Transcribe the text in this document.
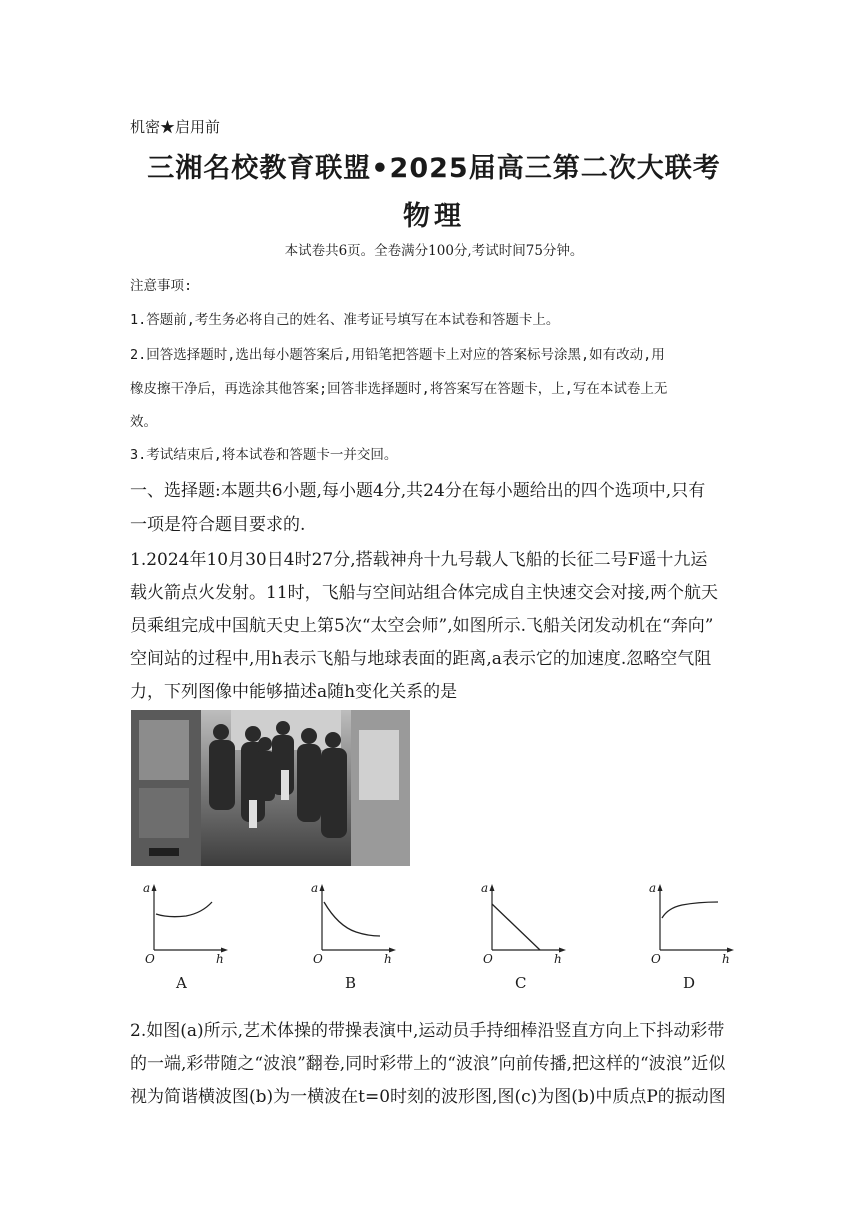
机密★启用前
三湘名校教育联盟•2025届高三第二次大联考
物理
本试卷共6页。全卷满分100分,考试时间75分钟。
注意事项:
1.答题前,考生务必将自己的姓名、准考证号填写在本试卷和答题卡上。
2.回答选择题时,选出每小题答案后,用铅笔把答题卡上对应的答案标号涂黑,如有改动,用
橡皮擦干净后，再选涂其他答案;回答非选择题时,将答案写在答题卡，上,写在本试卷上无
效。
3.考试结束后,将本试卷和答题卡一并交回。
一、选择题:本题共6小题,每小题4分,共24分在每小题给出的四个选项中,只有
一项是符合题目要求的.
1.2024年10月30日4时27分,搭载神舟十九号载人飞船的长征二号F遥十九运
载火箭点火发射。11时，飞船与空间站组合体完成自主快速交会对接,两个航天
员乘组完成中国航天史上第5次“太空会师”,如图所示.飞船关闭发动机在“奔向”
空间站的过程中,用h表示飞船与地球表面的距离,a表示它的加速度.忽略空气阻
力，下列图像中能够描述a随h变化关系的是
a
h
O
A
a
h
O
B
a
h
O
C
a
h
O
D
2.如图(a)所示,艺术体操的带操表演中,运动员手持细棒沿竖直方向上下抖动彩带
的一端,彩带随之“波浪”翻卷,同时彩带上的“波浪”向前传播,把这样的“波浪”近似
视为简谐横波图(b)为一横波在t=0时刻的波形图,图(c)为图(b)中质点P的振动图
